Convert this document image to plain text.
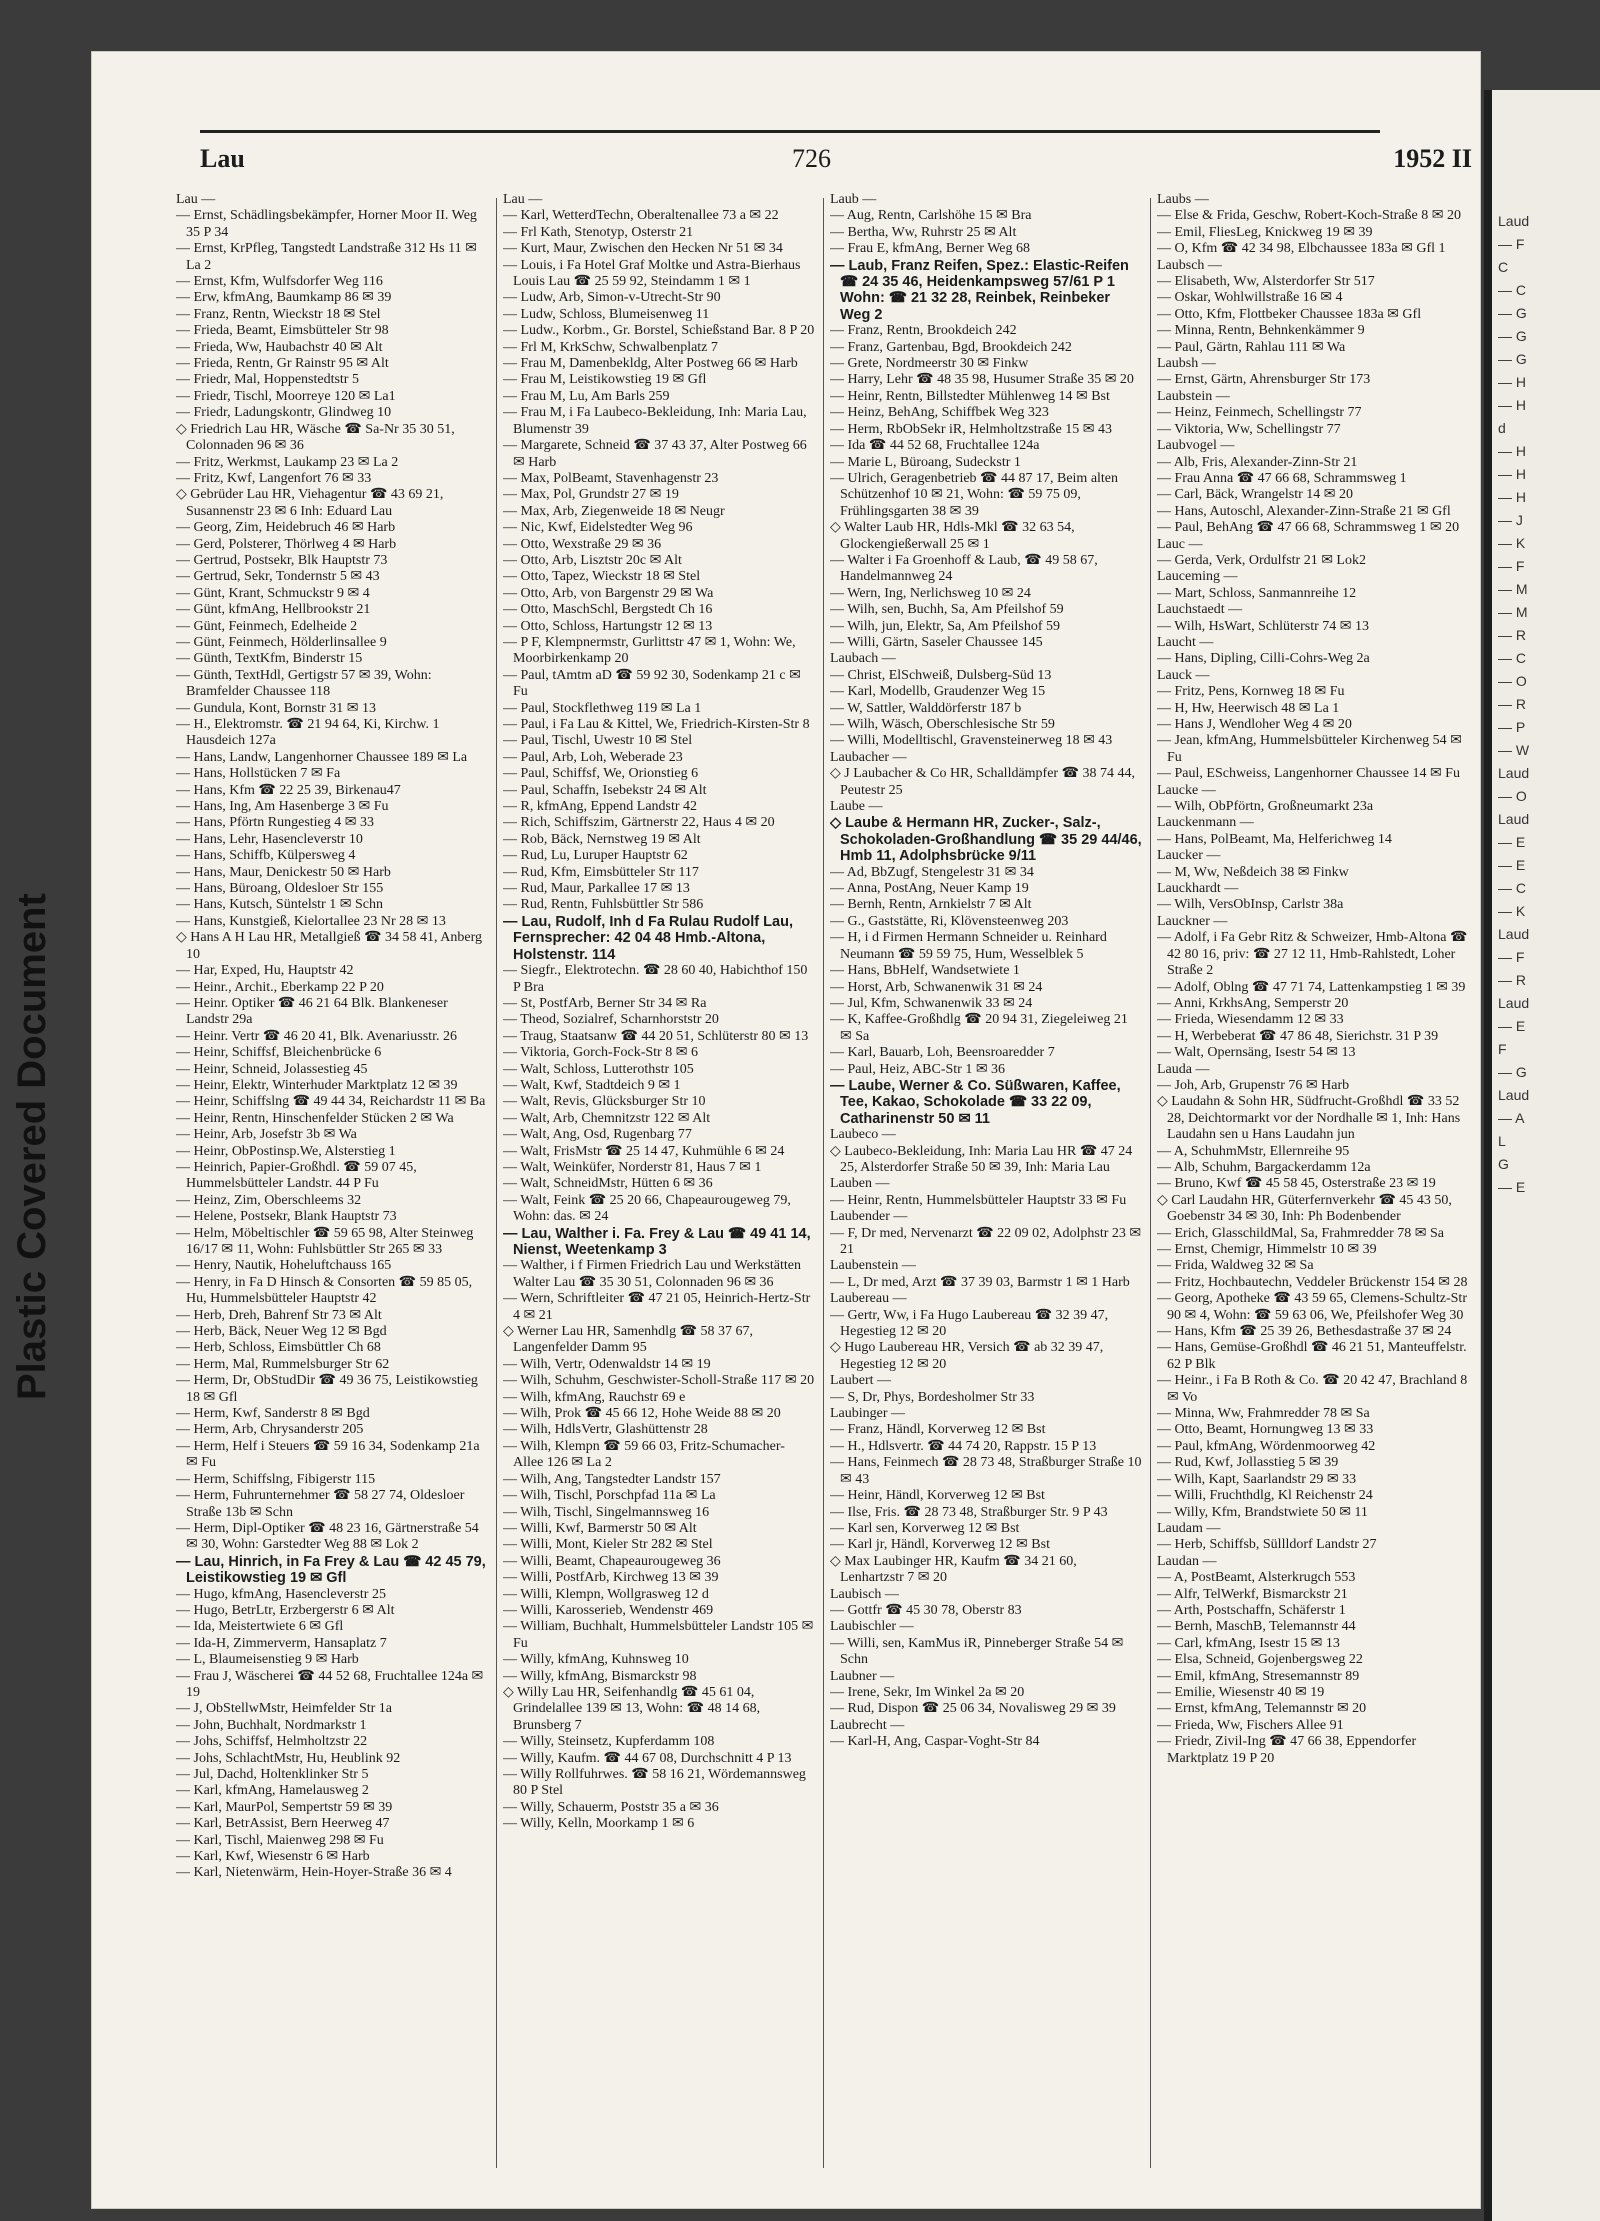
Lau	726	1952 II
Lau —
— Ernst, Schädlingsbekämpfer, Horner Moor II. Weg 35 P 34
— Ernst, KrPfleg, Tangstedt Landstraße 312 Hs 11 ✉ La 2
— Ernst, Kfm, Wulfsdorfer Weg 116
— Erw, kfmAng, Baumkamp 86 ✉ 39
— Franz, Rentn, Wieckstr 18 ✉ Stel
— Frieda, Beamt, Eimsbütteler Str 98
— Frieda, Ww, Haubachstr 40 ✉ Alt
— Frieda, Rentn, Gr Rainstr 95 ✉ Alt
— Friedr, Mal, Hoppenstedtstr 5
— Friedr, Tischl, Moorreye 120 ✉ La1
— Friedr, Ladungskontr, Glindweg 10
◇ Friedrich Lau HR, Wäsche ☎ Sa-Nr 35 30 51, Colonnaden 96 ✉ 36
— Fritz, Werkmst, Laukamp 23 ✉ La 2
— Fritz, Kwf, Langenfort 76 ✉ 33
◇ Gebrüder Lau HR, Viehagentur ☎ 43 69 21, Susannenstr 23 ✉ 6 Inh: Eduard Lau
— Georg, Zim, Heidebruch 46 ✉ Harb
— Gerd, Polsterer, Thörlweg 4 ✉ Harb
— Gertrud, Postsekr, Blk Hauptstr 73
— Gertrud, Sekr, Tondernstr 5 ✉ 43
— Günt, Krant, Schmuckstr 9 ✉ 4
— Günt, kfmAng, Hellbrookstr 21
— Günt, Feinmech, Edelheide 2
— Günt, Feinmech, Hölderlinsallee 9
— Günth, TextKfm, Binderstr 15
— Günth, TextHdl, Gertigstr 57 ✉ 39, Wohn: Bramfelder Chaussee 118
— Gundula, Kont, Bornstr 31 ✉ 13
— H., Elektromstr. ☎ 21 94 64, Ki, Kirchw. 1 Hausdeich 127a
— Hans, Landw, Langenhorner Chaussee 189 ✉ La
— Hans, Hollstücken 7 ✉ Fa
— Hans, Kfm ☎ 22 25 39, Birkenau47
— Hans, Ing, Am Hasenberge 3 ✉ Fu
— Hans, Pförtn Rungestieg 4 ✉ 33
— Hans, Lehr, Hasencleverstr 10
— Hans, Schiffb, Külpersweg 4
— Hans, Maur, Denickestr 50 ✉ Harb
— Hans, Büroang, Oldesloer Str 155
— Hans, Kutsch, Süntelstr 1 ✉ Schn
— Hans, Kunstgieß, Kielortallee 23 Nr 28 ✉ 13
◇ Hans A H Lau HR, Metallgieß ☎ 34 58 41, Anberg 10
— Har, Exped, Hu, Hauptstr 42
— Heinr., Archit., Eberkamp 22 P 20
— Heinr. Optiker ☎ 46 21 64 Blk. Blankeneser Landstr 29a
— Heinr. Vertr ☎ 46 20 41, Blk. Avenariusstr. 26
— Heinr, Schiffsf, Bleichenbrücke 6
— Heinr, Schneid, Jolassestieg 45
— Heinr, Elektr, Winterhuder Marktplatz 12 ✉ 39
— Heinr, Schiffslng ☎ 49 44 34, Reichardstr 11 ✉ Ba
— Heinr, Rentn, Hinschenfelder Stücken 2 ✉ Wa
— Heinr, Arb, Josefstr 3b ✉ Wa
— Heinr, ObPostinsp.We, Alsterstieg 1
— Heinrich, Papier-Großhdl. ☎ 59 07 45, Hummelsbütteler Landstr. 44 P Fu
— Heinz, Zim, Oberschleems 32
— Helene, Postsekr, Blank Hauptstr 73
— Helm, Möbeltischler ☎ 59 65 98, Alter Steinweg 16/17 ✉ 11, Wohn: Fuhlsbüttler Str 265 ✉ 33
— Henry, Nautik, Hoheluftchauss 165
— Henry, in Fa D Hinsch & Consorten ☎ 59 85 05, Hu, Hummelsbütteler Hauptstr 42
— Herb, Dreh, Bahrenf Str 73 ✉ Alt
— Herb, Bäck, Neuer Weg 12 ✉ Bgd
— Herb, Schloss, Eimsbüttler Ch 68
— Herm, Mal, Rummelsburger Str 62
— Herm, Dr, ObStudDir ☎ 49 36 75, Leistikowstieg 18 ✉ Gfl
— Herm, Kwf, Sanderstr 8 ✉ Bgd
— Herm, Arb, Chrysanderstr 205
— Herm, Helf i Steuers ☎ 59 16 34, Sodenkamp 21a ✉ Fu
— Herm, Schiffslng, Fibigerstr 115
— Herm, Fuhrunternehmer ☎ 58 27 74, Oldesloer Straße 13b ✉ Schn
— Herm, Dipl-Optiker ☎ 48 23 16, Gärtnerstraße 54 ✉ 30, Wohn: Garstedter Weg 88 ✉ Lok 2
— Lau, Hinrich, in Fa Frey & Lau ☎ 42 45 79, Leistikowstieg 19 ✉ Gfl
— Hugo, kfmAng, Hasencleverstr 25
— Hugo, BetrLtr, Erzbergerstr 6 ✉ Alt
— Ida, Meistertwiete 6 ✉ Gfl
— Ida-H, Zimmerverm, Hansaplatz 7
— L, Blaumeisenstieg 9 ✉ Harb
— Frau J, Wäscherei ☎ 44 52 68, Fruchtallee 124a ✉ 19
— J, ObStellwMstr, Heimfelder Str 1a
— John, Buchhalt, Nordmarkstr 1
— Johs, Schiffsf, Helmholtzstr 22
— Johs, SchlachtMstr, Hu, Heublink 92
— Jul, Dachd, Holtenklinker Str 5
— Karl, kfmAng, Hamelausweg 2
— Karl, MaurPol, Sempertstr 59 ✉ 39
— Karl, BetrAssist, Bern Heerweg 47
— Karl, Tischl, Maienweg 298 ✉ Fu
— Karl, Kwf, Wiesenstr 6 ✉ Harb
— Karl, Nietenwärm, Hein-Hoyer-Straße 36 ✉ 4
Lau —
— Karl, WetterdTechn, Oberaltenallee 73 a ✉ 22
— Frl Kath, Stenotyp, Osterstr 21
— Kurt, Maur, Zwischen den Hecken Nr 51 ✉ 34
— Louis, i Fa Hotel Graf Moltke und Astra-Bierhaus Louis Lau ☎ 25 59 92, Steindamm 1 ✉ 1
— Ludw, Arb, Simon-v-Utrecht-Str 90
— Ludw, Schloss, Blumeisenweg 11
— Ludw., Korbm., Gr. Borstel, Schießstand Bar. 8 P 20
— Frl M, KrkSchw, Schwalbenplatz 7
— Frau M, Damenbekldg, Alter Postweg 66 ✉ Harb
— Frau M, Leistikowstieg 19 ✉ Gfl
— Frau M, Lu, Am Barls 259
— Frau M, i Fa Laubeco-Bekleidung, Inh: Maria Lau, Blumenstr 39
— Margarete, Schneid ☎ 37 43 37, Alter Postweg 66 ✉ Harb
— Max, PolBeamt, Stavenhagenstr 23
— Max, Pol, Grundstr 27 ✉ 19
— Max, Arb, Ziegenweide 18 ✉ Neugr
— Nic, Kwf, Eidelstedter Weg 96
— Otto, Wexstraße 29 ✉ 36
— Otto, Arb, Lisztstr 20c ✉ Alt
— Otto, Tapez, Wieckstr 18 ✉ Stel
— Otto, Arb, von Bargenstr 29 ✉ Wa
— Otto, MaschSchl, Bergstedt Ch 16
— Otto, Schloss, Hartungstr 12 ✉ 13
— P F, Klempnermstr, Gurlittstr 47 ✉ 1, Wohn: We, Moorbirkenkamp 20
— Paul, tAmtm aD ☎ 59 92 30, Sodenkamp 21 c ✉ Fu
— Paul, Stockflethweg 119 ✉ La 1
— Paul, i Fa Lau & Kittel, We, Friedrich-Kirsten-Str 8
— Paul, Tischl, Uwestr 10 ✉ Stel
— Paul, Arb, Loh, Weberade 23
— Paul, Schiffsf, We, Orionstieg 6
— Paul, Schaffn, Isebekstr 24 ✉ Alt
— R, kfmAng, Eppend Landstr 42
— Rich, Schiffszim, Gärtnerstr 22, Haus 4 ✉ 20
— Rob, Bäck, Nernstweg 19 ✉ Alt
— Rud, Lu, Luruper Hauptstr 62
— Rud, Kfm, Eimsbütteler Str 117
— Rud, Maur, Parkallee 17 ✉ 13
— Rud, Rentn, Fuhlsbüttler Str 586
— Lau, Rudolf, Inh d Fa Rulau Rudolf Lau, Fernsprecher: 42 04 48 Hmb.-Altona, Holstenstr. 114
— Siegfr., Elektrotechn. ☎ 28 60 40, Habichthof 150 P Bra
— St, PostfArb, Berner Str 34 ✉ Ra
— Theod, Sozialref, Scharnhorststr 20
— Traug, Staatsanw ☎ 44 20 51, Schlüterstr 80 ✉ 13
— Viktoria, Gorch-Fock-Str 8 ✉ 6
— Walt, Schloss, Lutterothstr 105
— Walt, Kwf, Stadtdeich 9 ✉ 1
— Walt, Revis, Glücksburger Str 10
— Walt, Arb, Chemnitzstr 122 ✉ Alt
— Walt, Ang, Osd, Rugenbarg 77
— Walt, FrisMstr ☎ 25 14 47, Kuhmühle 6 ✉ 24
— Walt, Weinküfer, Norderstr 81, Haus 7 ✉ 1
— Walt, SchneidMstr, Hütten 6 ✉ 36
— Walt, Feink ☎ 25 20 66, Chapeaurougeweg 79, Wohn: das. ✉ 24
— Lau, Walther i. Fa. Frey & Lau ☎ 49 41 14, Nienst, Weetenkamp 3
— Walther, i f Firmen Friedrich Lau und Werkstätten Walter Lau ☎ 35 30 51, Colonnaden 96 ✉ 36
— Wern, Schriftleiter ☎ 47 21 05, Heinrich-Hertz-Str 4 ✉ 21
◇ Werner Lau HR, Samenhdlg ☎ 58 37 67, Langenfelder Damm 95
— Wilh, Vertr, Odenwaldstr 14 ✉ 19
— Wilh, Schuhm, Geschwister-Scholl-Straße 117 ✉ 20
— Wilh, kfmAng, Rauchstr 69 e
— Wilh, Prok ☎ 45 66 12, Hohe Weide 88 ✉ 20
— Wilh, HdlsVertr, Glashüttenstr 28
— Wilh, Klempn ☎ 59 66 03, Fritz-Schumacher-Allee 126 ✉ La 2
— Wilh, Ang, Tangstedter Landstr 157
— Wilh, Tischl, Porschpfad 11a ✉ La
— Wilh, Tischl, Singelmannsweg 16
— Willi, Kwf, Barmerstr 50 ✉ Alt
— Willi, Mont, Kieler Str 282 ✉ Stel
— Willi, Beamt, Chapeaurougeweg 36
— Willi, PostfArb, Kirchweg 13 ✉ 39
— Willi, Klempn, Wollgrasweg 12 d
— Willi, Karosserieb, Wendenstr 469
— William, Buchhalt, Hummelsbütteler Landstr 105 ✉ Fu
— Willy, kfmAng, Kuhnsweg 10
— Willy, kfmAng, Bismarckstr 98
◇ Willy Lau HR, Seifenhandlg ☎ 45 61 04, Grindelallee 139 ✉ 13, Wohn: ☎ 48 14 68, Brunsberg 7
— Willy, Steinsetz, Kupferdamm 108
— Willy, Kaufm. ☎ 44 67 08, Durchschnitt 4 P 13
— Willy Rollfuhrwes. ☎ 58 16 21, Wördemannsweg 80 P Stel
— Willy, Schauerm, Poststr 35 a ✉ 36
— Willy, Kelln, Moorkamp 1 ✉ 6
Laub —
— Aug, Rentn, Carlshöhe 15 ✉ Bra
— Bertha, Ww, Ruhrstr 25 ✉ Alt
— Frau E, kfmAng, Berner Weg 68
— Laub, Franz Reifen, Spez.: Elastic-Reifen ☎ 24 35 46, Heidenkampsweg 57/61 P 1 Wohn: ☎ 21 32 28, Reinbek, Reinbeker Weg 2
— Franz, Rentn, Brookdeich 242
— Franz, Gartenbau, Bgd, Brookdeich 242
— Grete, Nordmeerstr 30 ✉ Finkw
— Harry, Lehr ☎ 48 35 98, Husumer Straße 35 ✉ 20
— Heinr, Rentn, Billstedter Mühlenweg 14 ✉ Bst
— Heinz, BehAng, Schiffbek Weg 323
— Herm, RbObSekr iR, Helmholtzstraße 15 ✉ 43
— Ida ☎ 44 52 68, Fruchtallee 124a
— Marie L, Büroang, Sudeckstr 1
— Ulrich, Geragenbetrieb ☎ 44 87 17, Beim alten Schützenhof 10 ✉ 21, Wohn: ☎ 59 75 09, Frühlingsgarten 38 ✉ 39
◇ Walter Laub HR, Hdls-Mkl ☎ 32 63 54, Glockengießerwall 25 ✉ 1
— Walter i Fa Groenhoff & Laub, ☎ 49 58 67, Handelmannweg 24
— Wern, Ing, Nerlichsweg 10 ✉ 24
— Wilh, sen, Buchh, Sa, Am Pfeilshof 59
— Wilh, jun, Elektr, Sa, Am Pfeilshof 59
— Willi, Gärtn, Saseler Chaussee 145
Laubach —
— Christ, ElSchweiß, Dulsberg-Süd 13
— Karl, Modellb, Graudenzer Weg 15
— W, Sattler, Walddörferstr 187 b
— Wilh, Wäsch, Oberschlesische Str 59
— Willi, Modelltischl, Gravensteinerweg 18 ✉ 43
Laubacher —
◇ J Laubacher & Co HR, Schalldämpfer ☎ 38 74 44, Peutestr 25
Laube —
◇ Laube & Hermann HR, Zucker-, Salz-, Schokoladen-Großhandlung ☎ 35 29 44/46, Hmb 11, Adolphsbrücke 9/11
— Ad, BbZugf, Stengelestr 31 ✉ 34
— Anna, PostAng, Neuer Kamp 19
— Bernh, Rentn, Arnkielstr 7 ✉ Alt
— G., Gaststätte, Ri, Klövensteenweg 203
— H, i d Firmen Hermann Schneider u. Reinhard Neumann ☎ 59 59 75, Hum, Wesselblek 5
— Hans, BbHelf, Wandsetwiete 1
— Horst, Arb, Schwanenwik 31 ✉ 24
— Jul, Kfm, Schwanenwik 33 ✉ 24
— K, Kaffee-Großhdlg ☎ 20 94 31, Ziegeleiweg 21 ✉ Sa
— Karl, Bauarb, Loh, Beensroaredder 7
— Paul, Heiz, ABC-Str 1 ✉ 36
— Laube, Werner & Co. Süßwaren, Kaffee, Tee, Kakao, Schokolade ☎ 33 22 09, Catharinenstr 50 ✉ 11
Laubeco —
◇ Laubeco-Bekleidung, Inh: Maria Lau HR ☎ 47 24 25, Alsterdorfer Straße 50 ✉ 39, Inh: Maria Lau
Lauben —
— Heinr, Rentn, Hummelsbütteler Hauptstr 33 ✉ Fu
Laubender —
— F, Dr med, Nervenarzt ☎ 22 09 02, Adolphstr 23 ✉ 21
Laubenstein —
— L, Dr med, Arzt ☎ 37 39 03, Barmstr 1 ✉ 1 Harb
Laubereau —
— Gertr, Ww, i Fa Hugo Laubereau ☎ 32 39 47, Hegestieg 12 ✉ 20
◇ Hugo Laubereau HR, Versich ☎ ab 32 39 47, Hegestieg 12 ✉ 20
Laubert —
— S, Dr, Phys, Bordesholmer Str 33
Laubinger —
— Franz, Händl, Korverweg 12 ✉ Bst
— H., Hdlsvertr. ☎ 44 74 20, Rappstr. 15 P 13
— Hans, Feinmech ☎ 28 73 48, Straßburger Straße 10 ✉ 43
— Heinr, Händl, Korverweg 12 ✉ Bst
— Ilse, Fris. ☎ 28 73 48, Straßburger Str. 9 P 43
— Karl sen, Korverweg 12 ✉ Bst
— Karl jr, Händl, Korverweg 12 ✉ Bst
◇ Max Laubinger HR, Kaufm ☎ 34 21 60, Lenhartzstr 7 ✉ 20
Laubisch —
— Gottfr ☎ 45 30 78, Oberstr 83
Laubischler —
— Willi, sen, KamMus iR, Pinneberger Straße 54 ✉ Schn
Laubner —
— Irene, Sekr, Im Winkel 2a ✉ 20
— Rud, Dispon ☎ 25 06 34, Novalisweg 29 ✉ 39
Laubrecht —
— Karl-H, Ang, Caspar-Voght-Str 84
Laubs —
— Else & Frida, Geschw, Robert-Koch-Straße 8 ✉ 20
— Emil, FliesLeg, Knickweg 19 ✉ 39
— O, Kfm ☎ 42 34 98, Elbchaussee 183a ✉ Gfl 1
Laubsch —
— Elisabeth, Ww, Alsterdorfer Str 517
— Oskar, Wohlwillstraße 16 ✉ 4
— Otto, Kfm, Flottbeker Chaussee 183a ✉ Gfl
— Minna, Rentn, Behnkenkämmer 9
— Paul, Gärtn, Rahlau 111 ✉ Wa
Laubsh —
— Ernst, Gärtn, Ahrensburger Str 173
Laubstein —
— Heinz, Feinmech, Schellingstr 77
— Viktoria, Ww, Schellingstr 77
Laubvogel —
— Alb, Fris, Alexander-Zinn-Str 21
— Frau Anna ☎ 47 66 68, Schrammsweg 1
— Carl, Bäck, Wrangelstr 14 ✉ 20
— Hans, Autoschl, Alexander-Zinn-Straße 21 ✉ Gfl
— Paul, BehAng ☎ 47 66 68, Schrammsweg 1 ✉ 20
Lauc —
— Gerda, Verk, Ordulfstr 21 ✉ Lok2
Lauceming —
— Mart, Schloss, Sanmannreihe 12
Lauchstaedt —
— Wilh, HsWart, Schlüterstr 74 ✉ 13
Laucht —
— Hans, Dipling, Cilli-Cohrs-Weg 2a
Lauck —
— Fritz, Pens, Kornweg 18 ✉ Fu
— H, Hw, Heerwisch 48 ✉ La 1
— Hans J, Wendloher Weg 4 ✉ 20
— Jean, kfmAng, Hummelsbütteler Kirchenweg 54 ✉ Fu
— Paul, ESchweiss, Langenhorner Chaussee 14 ✉ Fu
Laucke —
— Wilh, ObPförtn, Großneumarkt 23a
Lauckenmann —
— Hans, PolBeamt, Ma, Helferichweg 14
Laucker —
— M, Ww, Neßdeich 38 ✉ Finkw
Lauckhardt —
— Wilh, VersObInsp, Carlstr 38a
Lauckner —
— Adolf, i Fa Gebr Ritz & Schweizer, Hmb-Altona ☎ 42 80 16, priv: ☎ 27 12 11, Hmb-Rahlstedt, Loher Straße 2
— Adolf, Oblng ☎ 47 71 74, Lattenkampstieg 1 ✉ 39
— Anni, KrkhsAng, Semperstr 20
— Frieda, Wiesendamm 12 ✉ 33
— H, Werbeberat ☎ 47 86 48, Sierichstr. 31 P 39
— Walt, Opernsäng, Isestr 54 ✉ 13
Lauda —
— Joh, Arb, Grupenstr 76 ✉ Harb
◇ Laudahn & Sohn HR, Südfrucht-Großhdl ☎ 33 52 28, Deichtormarkt vor der Nordhalle ✉ 1, Inh: Hans Laudahn sen u Hans Laudahn jun
— A, SchuhmMstr, Ellernreihe 95
— Alb, Schuhm, Bargackerdamm 12a
— Bruno, Kwf ☎ 45 58 45, Osterstraße 23 ✉ 19
◇ Carl Laudahn HR, Güterfernverkehr ☎ 45 43 50, Goebenstr 34 ✉ 30, Inh: Ph Bodenbender
— Erich, GlasschildMal, Sa, Frahmredder 78 ✉ Sa
— Ernst, Chemigr, Himmelstr 10 ✉ 39
— Frida, Waldweg 32 ✉ Sa
— Fritz, Hochbautechn, Veddeler Brückenstr 154 ✉ 28
— Georg, Apotheke ☎ 43 59 65, Clemens-Schultz-Str 90 ✉ 4, Wohn: ☎ 59 63 06, We, Pfeilshofer Weg 30
— Hans, Kfm ☎ 25 39 26, Bethesdastraße 37 ✉ 24
— Hans, Gemüse-Großhdl ☎ 46 21 51, Manteuffelstr. 62 P Blk
— Heinr., i Fa B Roth & Co. ☎ 20 42 47, Brachland 8 ✉ Vo
— Minna, Ww, Frahmredder 78 ✉ Sa
— Otto, Beamt, Hornungweg 13 ✉ 33
— Paul, kfmAng, Wördenmoorweg 42
— Rud, Kwf, Jollasstieg 5 ✉ 39
— Wilh, Kapt, Saarlandstr 29 ✉ 33
— Willi, Fruchthdlg, Kl Reichenstr 24
— Willy, Kfm, Brandstwiete 50 ✉ 11
Laudam —
— Herb, Schiffsb, Süllldorf Landstr 27
Laudan —
— A, PostBeamt, Alsterkrugch 553
— Alfr, TelWerkf, Bismarckstr 21
— Arth, Postschaffn, Schäferstr 1
— Bernh, MaschB, Telemannstr 44
— Carl, kfmAng, Isestr 15 ✉ 13
— Elsa, Schneid, Gojenbergsweg 22
— Emil, kfmAng, Stresemannstr 89
— Emilie, Wiesenstr 40 ✉ 19
— Ernst, kfmAng, Telemannstr ✉ 20
— Frieda, Ww, Fischers Allee 91
— Friedr, Zivil-Ing ☎ 47 66 38, Eppendorfer Marktplatz 19 P 20
Laud
— F
C
— C
— G
— G
— G
— H
— H
d
— H
— H
— H
— J
— K
— F
— M
— M
— R
— C
— O
— R
— P
— W
Laud
— O
Laud
— E
— E
— C
— K
Laud
— F
— R
Laud
— E
F
— G
Laud
— A
L
G
— E
Plastic Covered Document
